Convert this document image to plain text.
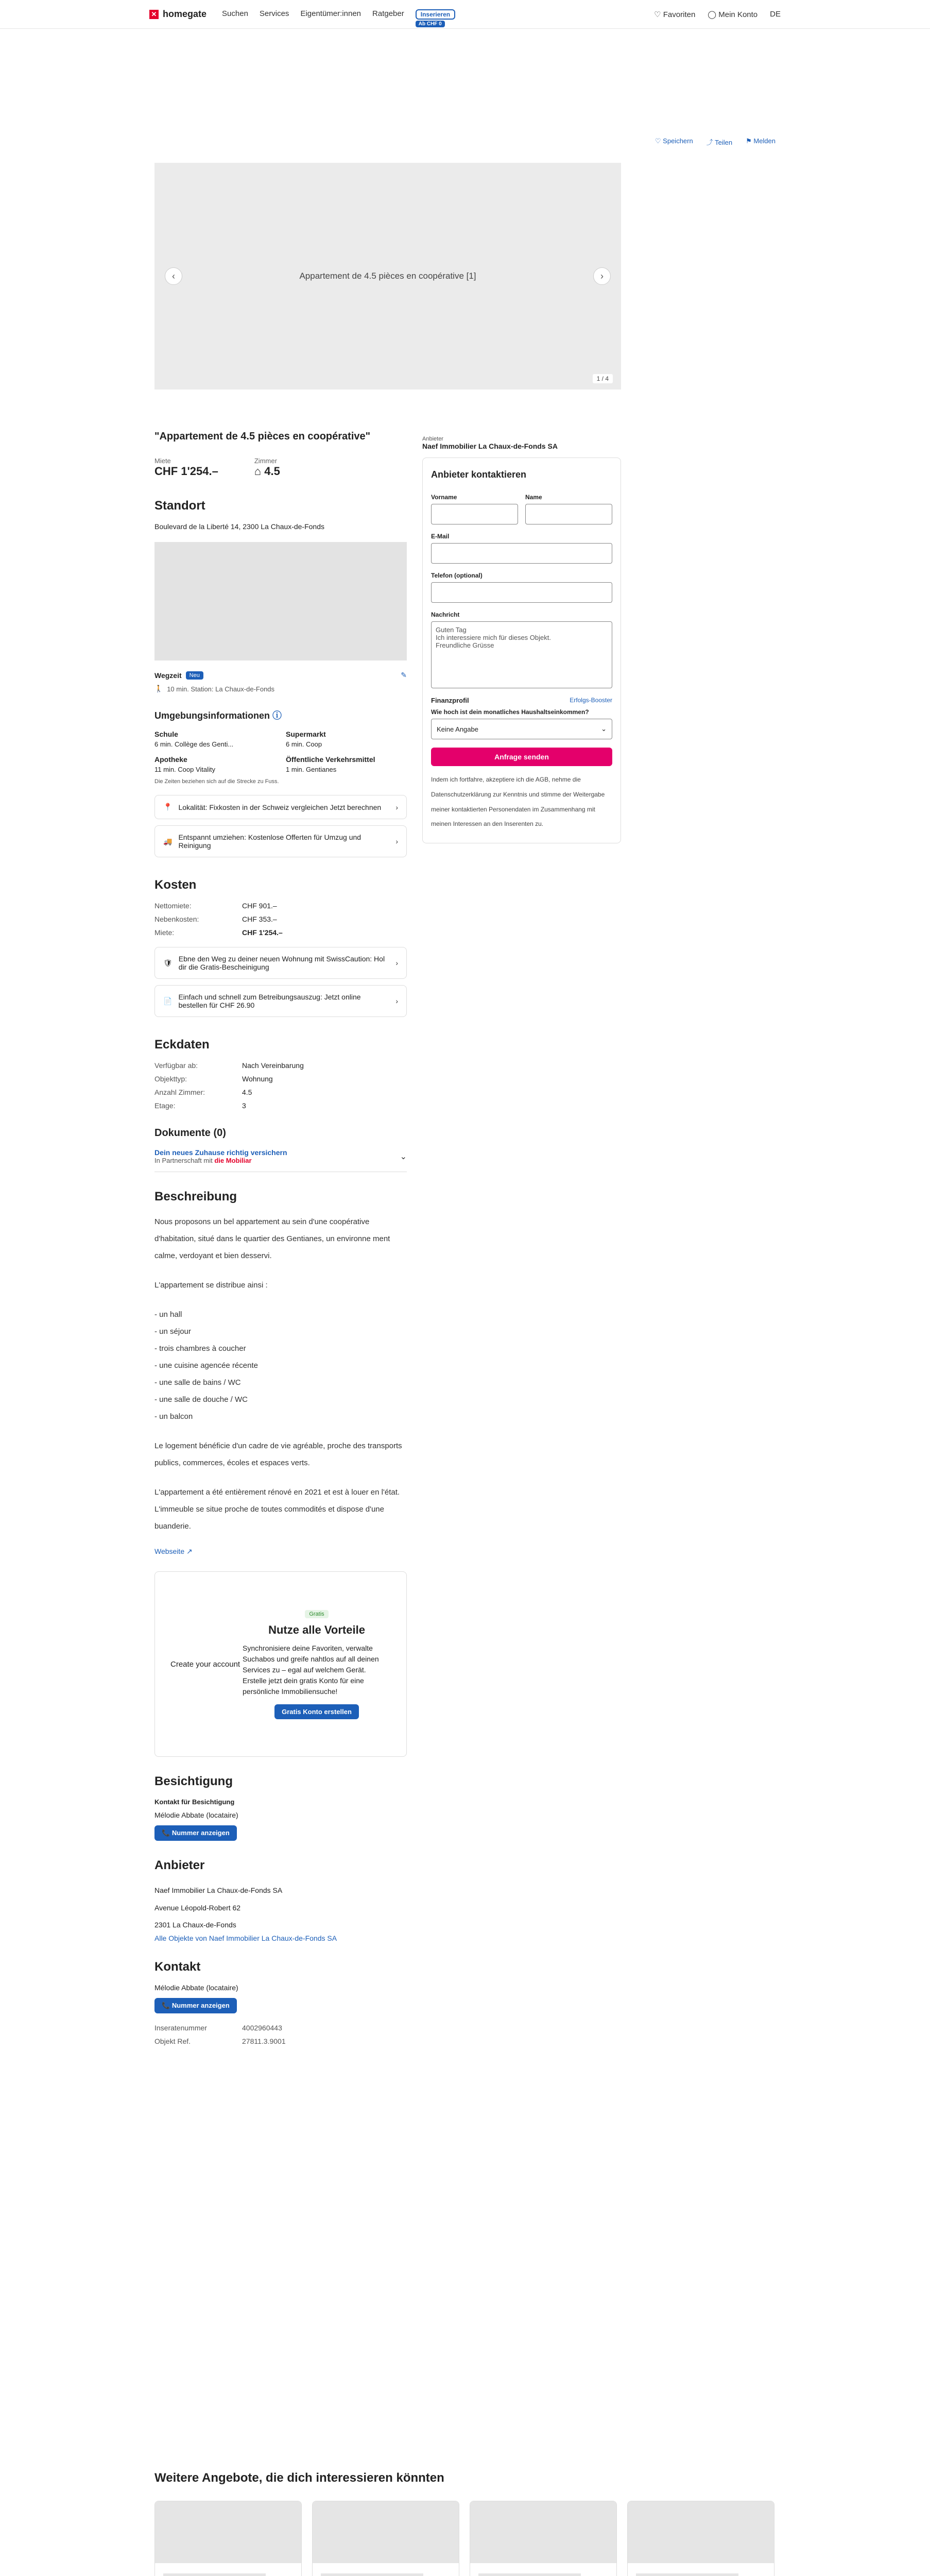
✕ homegate Suchen Services Eigentümer:innen Ratgeber	Inserieren
Ab CHF 0
♡ Favoriten ◯ Mein Konto DE
♡ Speichern ⤴ Teilen ⚑ Melden
Appartement de 4.5 pièces en coopérative [1]
‹	›
1 / 4
"Appartement de 4.5 pièces en coopérative"
Miete
CHF 1'254.–
Zimmer
⌂ 4.5
Standort
Boulevard de la Liberté 14, 2300 La Chaux-de-Fonds
Wegzeit	Neu	✎
🚶 10 min. Station: La Chaux-de-Fonds
Umgebungsinformationen ⓘ
Schule
6 min. Collège des Genti...
Supermarkt
6 min. Coop
Apotheke
11 min. Coop Vitality
Öffentliche Verkehrsmittel
1 min. Gentianes
Die Zeiten beziehen sich auf die Strecke zu Fuss.
📍 Lokalität: Fixkosten in der Schweiz vergleichen Jetzt berechnen ›
🚚 Entspannt umziehen: Kostenlose Offerten für Umzug und Reinigung	›
Kosten
Nettomiete:	CHF 901.–
Nebenkosten:	CHF 353.–
Miete:	CHF 1'254.–
🛡 Ebne den Weg zu deiner neuen Wohnung mit SwissCaution: Hol dir die Gratis-Bescheinigung	›
📄 Einfach und schnell zum Betreibungsauszug: Jetzt online bestellen für CHF 26.90	›
Eckdaten
Verfügbar ab:	Nach Vereinbarung
Objekttyp:	Wohnung
Anzahl Zimmer:	4.5
Etage:	3
Dokumente (0)
Dein neues Zuhause richtig versichern
In Partnerschaft mit die Mobiliar	⌄
Beschreibung

Nous proposons un bel appartement au sein d'une coopérative d'habitation, situé dans le quartier des Gentianes, un environne ment calme, verdoyant et bien desservi.

L'appartement se distribue ainsi :

- un hall
- un séjour
- trois chambres à coucher
- une cuisine agencée récente
- une salle de bains / WC
- une salle de douche / WC
- un balcon

Le logement bénéficie d'un cadre de vie agréable, proche des transports publics, commerces, écoles et espaces verts.

L'appartement a été entièrement rénové en 2021 et est à louer en l'état. L'immeuble se situe proche de toutes commodités et dispose d'une buanderie.

Webseite ↗
Create your account
Gratis
Nutze alle Vorteile
Synchronisiere deine Favoriten, verwalte Suchabos und greife nahtlos auf all deinen Services zu – egal auf welchem Gerät. Erstelle jetzt dein gratis Konto für eine persönliche Immobiliensuche!
Gratis Konto erstellen
Besichtigung
Kontakt für Besichtigung
Mélodie Abbate (locataire)
📞 Nummer anzeigen
Anbieter
Naef Immobilier La Chaux-de-Fonds SA
Avenue Léopold-Robert 62
2301 La Chaux-de-Fonds
Alle Objekte von Naef Immobilier La Chaux-de-Fonds SA
Kontakt
Mélodie Abbate (locataire)
📞 Nummer anzeigen
Inseratenummer	4002960443
Objekt Ref.	27811.3.9001
Anbieter
Naef Immobilier La Chaux-de-Fonds SA
Anbieter kontaktieren
Vorname	Name
E-Mail
Telefon (optional)
Nachricht
Guten Tag
Ich interessiere mich für dieses Objekt.
Freundliche Grüsse
Finanzprofil	Erfolgs-Booster
Wie hoch ist dein monatliches Haushaltseinkommen?
Keine Angabe	⌄
Anfrage senden
Indem ich fortfahre, akzeptiere ich die AGB, nehme die Datenschutzerklärung zur Kenntnis und stimme der Weitergabe meiner kontaktierten Personendaten im Zusammenhang mit meinen Interessen an den Inserenten zu.
Weitere Angebote, die dich interessieren könnten
